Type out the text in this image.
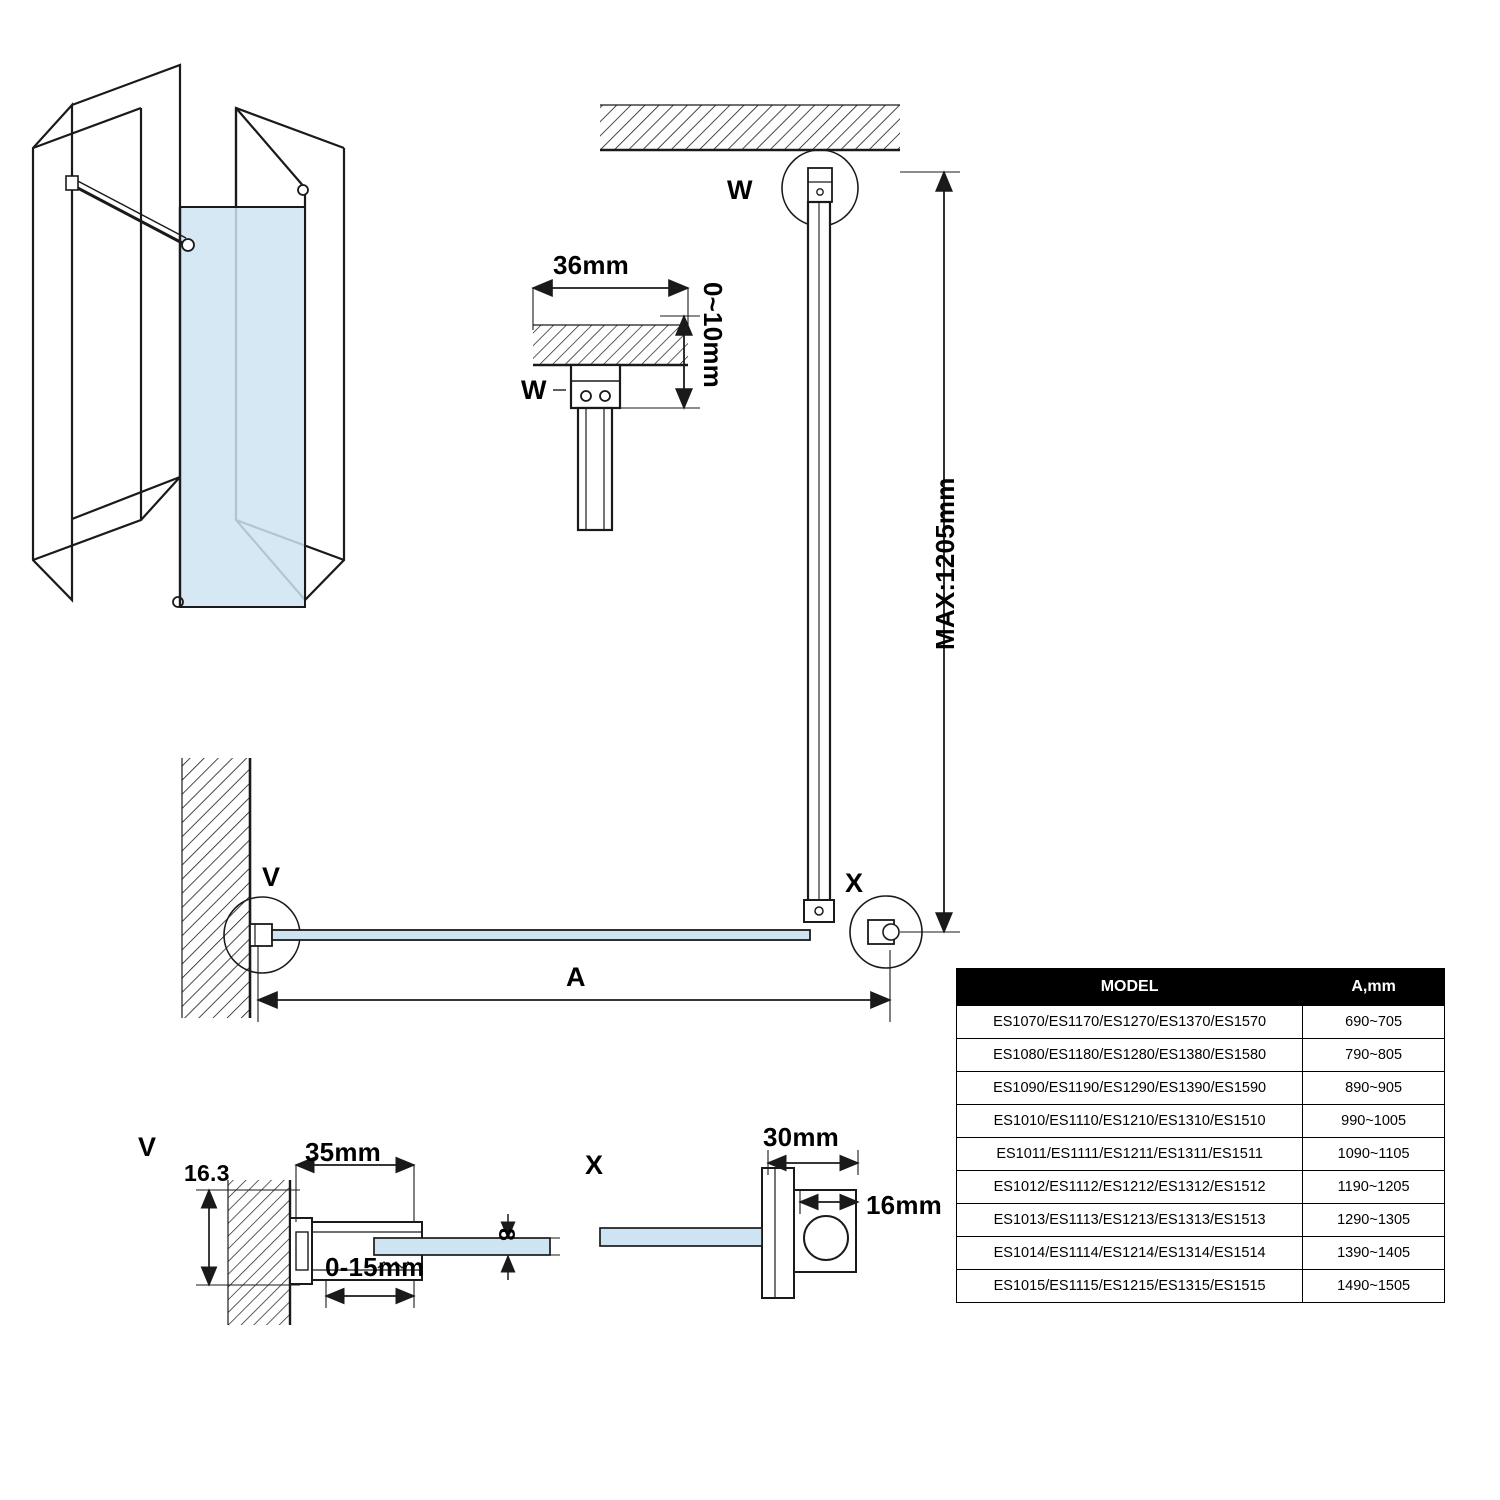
W
W
36mm
0~10mm
MAX:1205mm
V	X
A
V
16.3
35mm
0-15mm
8
X
30mm
16mm
MODEL	A,mm
ES1070/ES1170/ES1270/ES1370/ES1570	690~705
ES1080/ES1180/ES1280/ES1380/ES1580	790~805
ES1090/ES1190/ES1290/ES1390/ES1590	890~905
ES1010/ES1110/ES1210/ES1310/ES1510	990~1005
ES1011/ES1111/ES1211/ES1311/ES1511	1090~1105
ES1012/ES1112/ES1212/ES1312/ES1512	1190~1205
ES1013/ES1113/ES1213/ES1313/ES1513	1290~1305
ES1014/ES1114/ES1214/ES1314/ES1514	1390~1405
ES1015/ES1115/ES1215/ES1315/ES1515	1490~1505
